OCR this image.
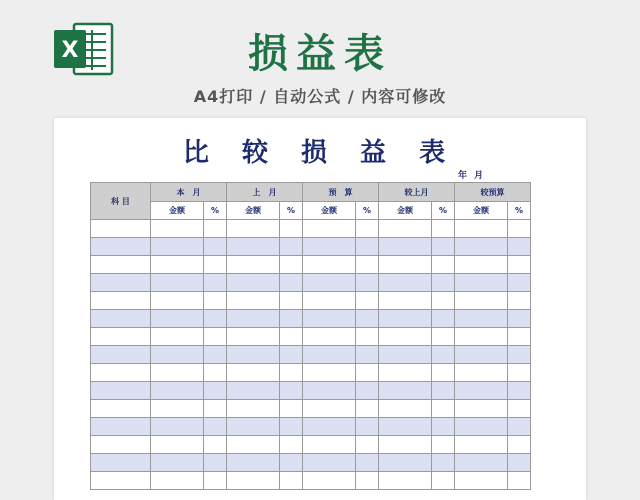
X	损益表
A4打印 / 自动公式 / 内容可修改
比 较 损 益 表
年 月
科 目	本　月		上　月		预　算		较上月		较预算	
	金额	%	金额	%	金额	%	金额	%	金额	%
